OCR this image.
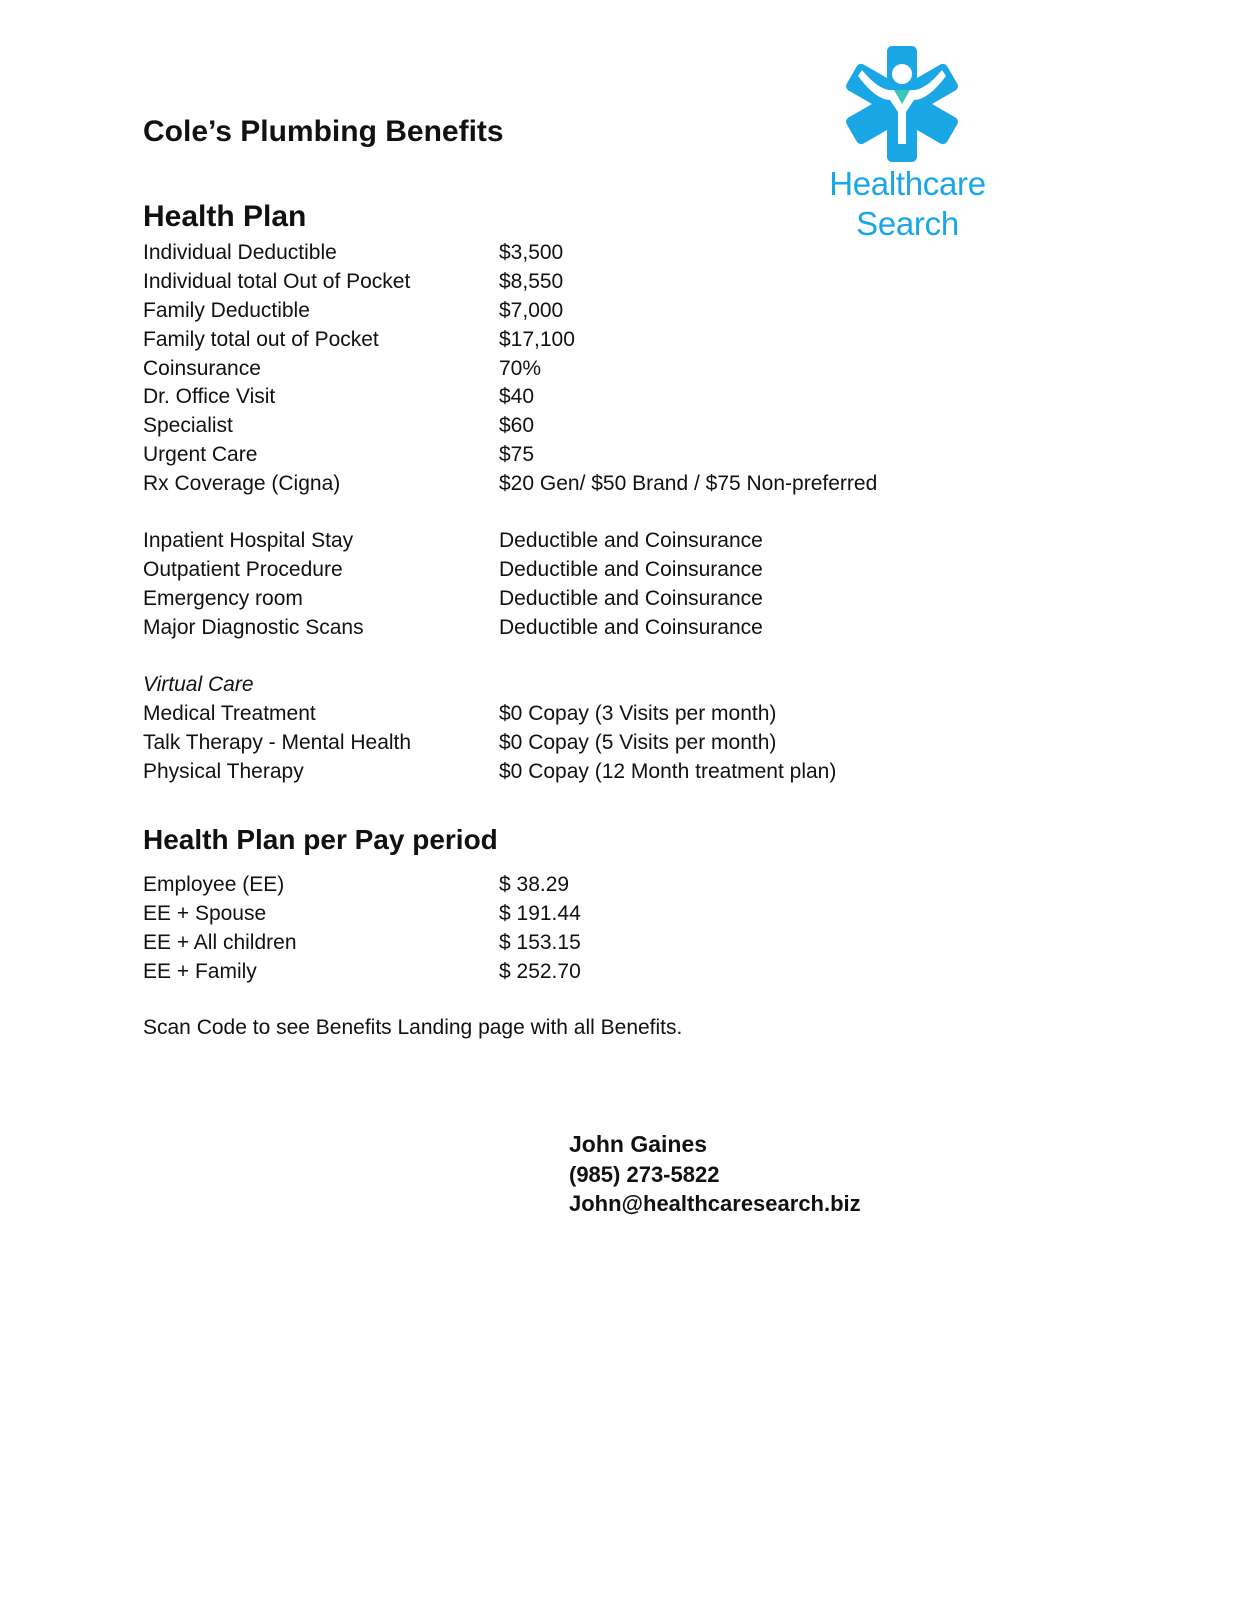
Cole’s Plumbing Benefits
Healthcare Search
Health Plan
Individual Deductible	$3,500
Individual total Out of Pocket	$8,550
Family Deductible	$7,000
Family total out of Pocket	$17,100
Coinsurance	70%
Dr. Office Visit	$40
Specialist	$60
Urgent Care	$75
Rx Coverage (Cigna)	$20 Gen/ $50 Brand / $75 Non-preferred
Inpatient Hospital Stay	Deductible and Coinsurance
Outpatient Procedure	Deductible and Coinsurance
Emergency room	Deductible and Coinsurance
Major Diagnostic Scans	Deductible and Coinsurance
Virtual Care
Medical Treatment	$0 Copay (3 Visits per month)
Talk Therapy - Mental Health	$0 Copay (5 Visits per month)
Physical Therapy	$0 Copay (12 Month treatment plan)
Health Plan per Pay period
Employee (EE)	$ 38.29
EE + Spouse	$ 191.44
EE + All children	$ 153.15
EE + Family	$ 252.70
Scan Code to see Benefits Landing page with all Benefits.
John Gaines
(985) 273-5822
John@healthcaresearch.biz
